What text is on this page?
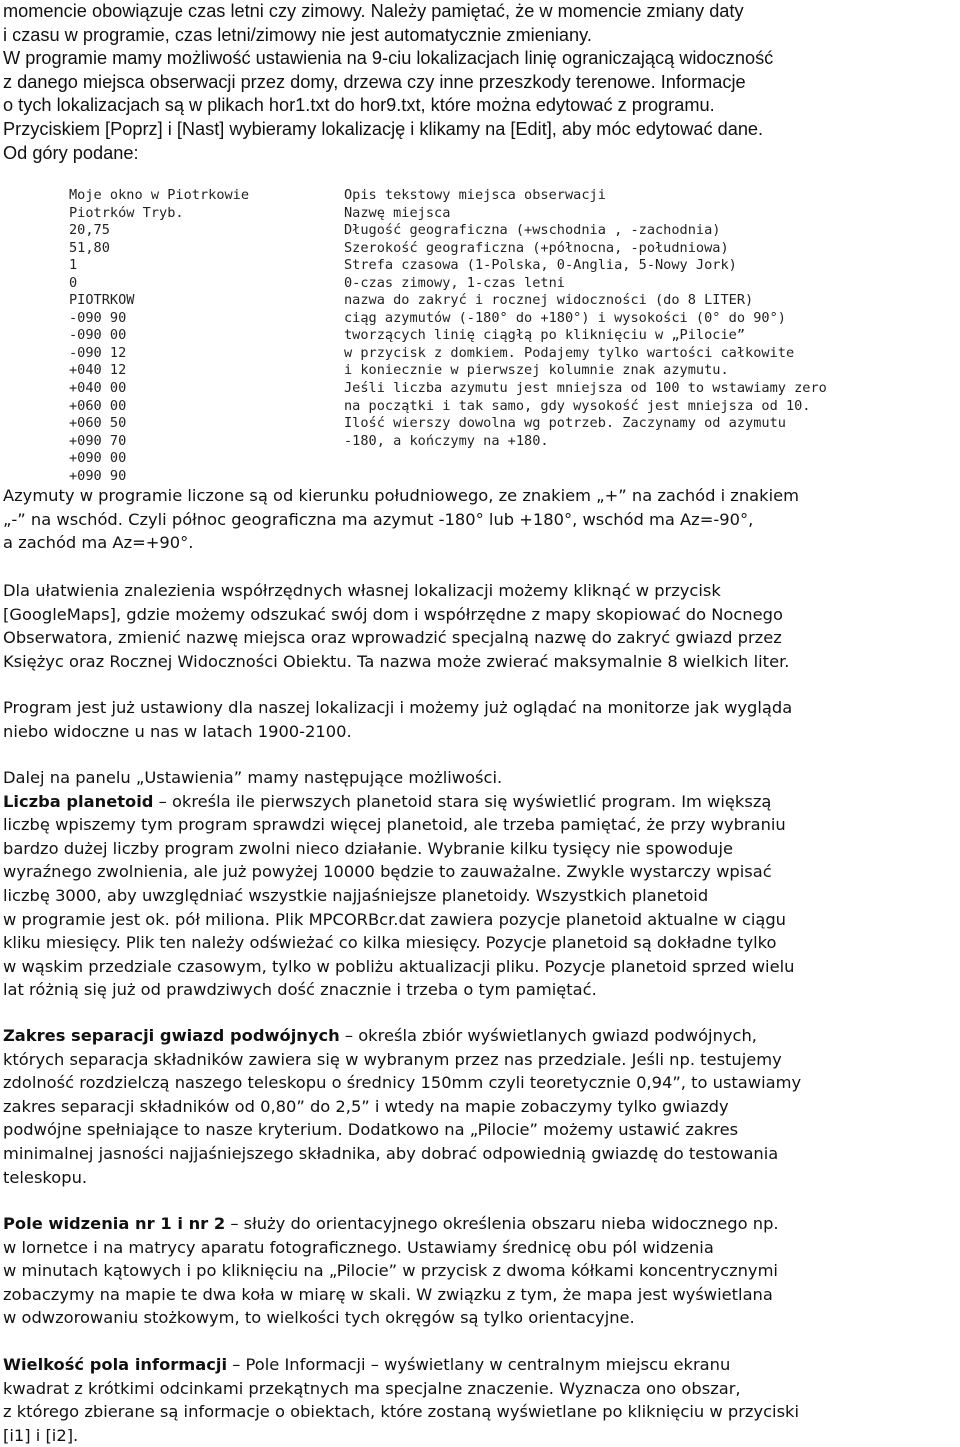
momencie obowiązuje czas letni czy zimowy. Należy pamiętać, że w momencie zmiany daty
i czasu w programie, czas letni/zimowy nie jest automatycznie zmieniany.
W programie mamy możliwość ustawienia na 9-ciu lokalizacjach linię ograniczającą widoczność
z danego miejsca obserwacji przez domy, drzewa czy inne przeszkody terenowe. Informacje
o tych lokalizacjach są w plikach hor1.txt do hor9.txt, które można edytować z programu.
Przyciskiem [Poprz] i [Nast] wybieramy lokalizację i klikamy na [Edit], aby móc edytować dane.
Od góry podane:
Moje okno w Piotrkowie	Opis tekstowy miejsca obserwacji
Piotrków Tryb.	Nazwę miejsca
20,75	Długość geograficzna (+wschodnia , -zachodnia)
51,80	Szerokość geograficzna (+północna, -południowa)
1	Strefa czasowa (1-Polska, 0-Anglia, 5-Nowy Jork)
0	0-czas zimowy, 1-czas letni
PIOTRKOW	nazwa do zakryć i rocznej widoczności (do 8 LITER)
-090 90	ciąg azymutów (-180° do +180°) i wysokości (0° do 90°)
-090 00	tworzących linię ciągłą po kliknięciu w „Pilocie”
-090 12	w przycisk z domkiem. Podajemy tylko wartości całkowite
+040 12	i koniecznie w pierwszej kolumnie znak azymutu.
+040 00	Jeśli liczba azymutu jest mniejsza od 100 to wstawiamy zero
+060 00	na początki i tak samo, gdy wysokość jest mniejsza od 10.
+060 50	Ilość wierszy dowolna wg potrzeb. Zaczynamy od azymutu
+090 70	-180, a kończymy na +180.
+090 00
+090 90
Azymuty w programie liczone są od kierunku południowego, ze znakiem „+” na zachód i znakiem
„-” na wschód. Czyli północ geograficzna ma azymut -180° lub +180°, wschód ma Az=-90°,
a zachód ma Az=+90°.
Dla ułatwienia znalezienia współrzędnych własnej lokalizacji możemy kliknąć w przycisk
[GoogleMaps], gdzie możemy odszukać swój dom i współrzędne z mapy skopiować do Nocnego
Obserwatora, zmienić nazwę miejsca oraz wprowadzić specjalną nazwę do zakryć gwiazd przez
Księżyc oraz Rocznej Widoczności Obiektu. Ta nazwa może zwierać maksymalnie 8 wielkich liter.
Program jest już ustawiony dla naszej lokalizacji i możemy już oglądać na monitorze jak wygląda
niebo widoczne u nas w latach 1900-2100.
Dalej na panelu „Ustawienia” mamy następujące możliwości.
Liczba planetoid – określa ile pierwszych planetoid stara się wyświetlić program. Im większą
liczbę wpiszemy tym program sprawdzi więcej planetoid, ale trzeba pamiętać, że przy wybraniu
bardzo dużej liczby program zwolni nieco działanie. Wybranie kilku tysięcy nie spowoduje
wyraźnego zwolnienia, ale już powyżej 10000 będzie to zauważalne. Zwykle wystarczy wpisać
liczbę 3000, aby uwzględniać wszystkie najjaśniejsze planetoidy. Wszystkich planetoid
w programie jest ok. pół miliona. Plik MPCORBcr.dat zawiera pozycje planetoid aktualne w ciągu
kliku miesięcy. Plik ten należy odświeżać co kilka miesięcy. Pozycje planetoid są dokładne tylko
w wąskim przedziale czasowym, tylko w pobliżu aktualizacji pliku. Pozycje planetoid sprzed wielu
lat różnią się już od prawdziwych dość znacznie i trzeba o tym pamiętać.
Zakres separacji gwiazd podwójnych – określa zbiór wyświetlanych gwiazd podwójnych,
których separacja składników zawiera się w wybranym przez nas przedziale. Jeśli np. testujemy
zdolność rozdzielczą naszego teleskopu o średnicy 150mm czyli teoretycznie 0,94”, to ustawiamy
zakres separacji składników od 0,80” do 2,5” i wtedy na mapie zobaczymy tylko gwiazdy
podwójne spełniające to nasze kryterium. Dodatkowo na „Pilocie” możemy ustawić zakres
minimalnej jasności najjaśniejszego składnika, aby dobrać odpowiednią gwiazdę do testowania
teleskopu.
Pole widzenia nr 1 i nr 2 – służy do orientacyjnego określenia obszaru nieba widocznego np.
w lornetce i na matrycy aparatu fotograficznego. Ustawiamy średnicę obu pól widzenia
w minutach kątowych i po kliknięciu na „Pilocie” w przycisk z dwoma kółkami koncentrycznymi
zobaczymy na mapie te dwa koła w miarę w skali. W związku z tym, że mapa jest wyświetlana
w odwzorowaniu stożkowym, to wielkości tych okręgów są tylko orientacyjne.
Wielkość pola informacji – Pole Informacji – wyświetlany w centralnym miejscu ekranu
kwadrat z krótkimi odcinkami przekątnych ma specjalne znaczenie. Wyznacza ono obszar,
z którego zbierane są informacje o obiektach, które zostaną wyświetlane po kliknięciu w przyciski
[i1] i [i2].
